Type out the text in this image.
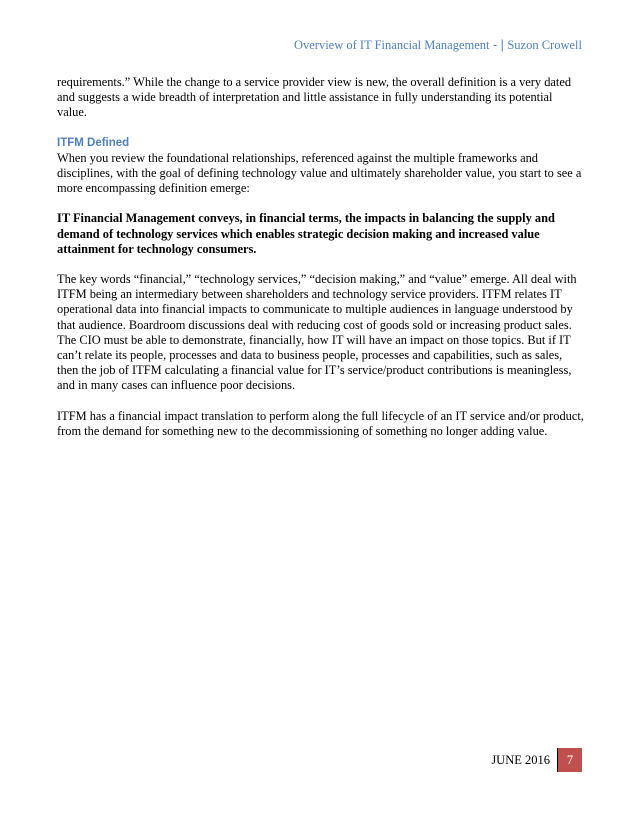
Overview of IT Financial Management - | Suzon Crowell

requirements.” While the change to a service provider view is new, the overall definition is a very dated and suggests a wide breadth of interpretation and little assistance in fully understanding its potential value.

ITFM Defined

When you review the foundational relationships, referenced against the multiple frameworks and disciplines, with the goal of defining technology value and ultimately shareholder value, you start to see a more encompassing definition emerge:

IT Financial Management conveys, in financial terms, the impacts in balancing the supply and demand of technology services which enables strategic decision making and increased value attainment for technology consumers.

The key words “financial,” “technology services,” “decision making,” and “value” emerge. All deal with ITFM being an intermediary between shareholders and technology service providers. ITFM relates IT operational data into financial impacts to communicate to multiple audiences in language understood by that audience. Boardroom discussions deal with reducing cost of goods sold or increasing product sales. The CIO must be able to demonstrate, financially, how IT will have an impact on those topics. But if IT can’t relate its people, processes and data to business people, processes and capabilities, such as sales, then the job of ITFM calculating a financial value for IT’s service/product contributions is meaningless, and in many cases can influence poor decisions.

ITFM has a financial impact translation to perform along the full lifecycle of an IT service and/or product, from the demand for something new to the decommissioning of something no longer adding value.

JUNE 2016	7
